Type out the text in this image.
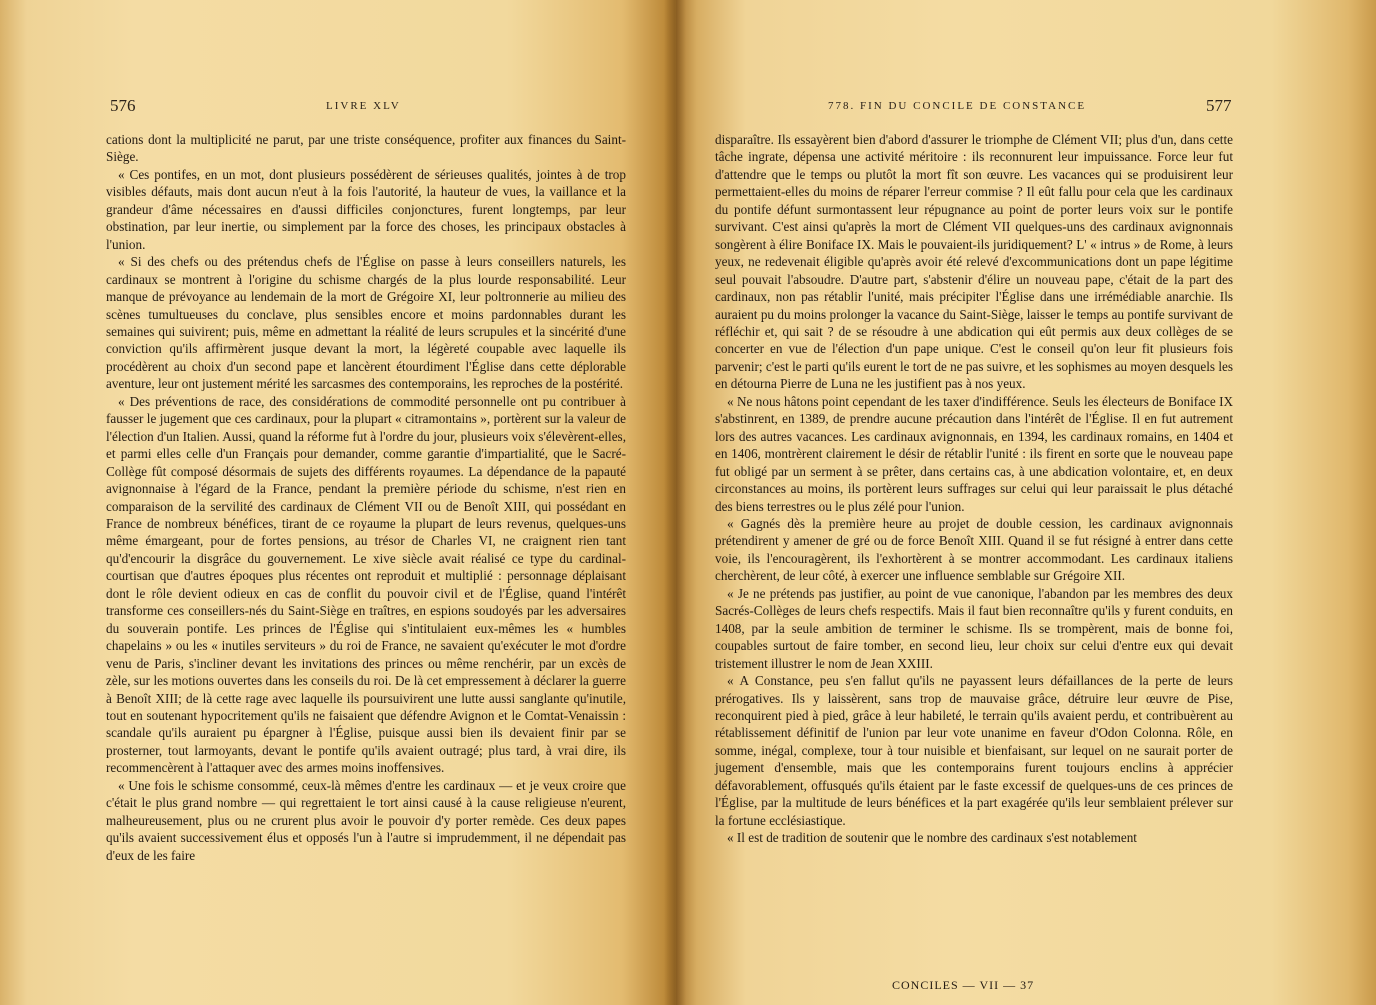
576	LIVRE XLV

cations dont la multiplicité ne parut, par une triste conséquence, profiter aux finances du Saint-Siège.

« Ces pontifes, en un mot, dont plusieurs possédèrent de sérieuses qualités, jointes à de trop visibles défauts, mais dont aucun n'eut à la fois l'autorité, la hauteur de vues, la vaillance et la grandeur d'âme nécessaires en d'aussi difficiles conjonctures, furent longtemps, par leur obstination, par leur inertie, ou simplement par la force des choses, les principaux obstacles à l'union.

« Si des chefs ou des prétendus chefs de l'Église on passe à leurs conseillers naturels, les cardinaux se montrent à l'origine du schisme chargés de la plus lourde responsabilité. Leur manque de prévoyance au lendemain de la mort de Grégoire XI, leur poltronnerie au milieu des scènes tumultueuses du conclave, plus sensibles encore et moins pardonnables durant les semaines qui suivirent; puis, même en admettant la réalité de leurs scrupules et la sincérité d'une conviction qu'ils affirmèrent jusque devant la mort, la légèreté coupable avec laquelle ils procédèrent au choix d'un second pape et lancèrent étourdiment l'Église dans cette déplorable aventure, leur ont justement mérité les sarcasmes des contemporains, les reproches de la postérité.

« Des préventions de race, des considérations de commodité personnelle ont pu contribuer à fausser le jugement que ces cardinaux, pour la plupart « citramontains », portèrent sur la valeur de l'élection d'un Italien. Aussi, quand la réforme fut à l'ordre du jour, plusieurs voix s'élevèrent-elles, et parmi elles celle d'un Français pour demander, comme garantie d'impartialité, que le Sacré-Collège fût composé désormais de sujets des différents royaumes. La dépendance de la papauté avignonnaise à l'égard de la France, pendant la première période du schisme, n'est rien en comparaison de la servilité des cardinaux de Clément VII ou de Benoît XIII, qui possédant en France de nombreux bénéfices, tirant de ce royaume la plupart de leurs revenus, quelques-uns même émargeant, pour de fortes pensions, au trésor de Charles VI, ne craignent rien tant qu'd'encourir la disgrâce du gouvernement. Le xive siècle avait réalisé ce type du cardinal-courtisan que d'autres époques plus récentes ont reproduit et multiplié : personnage déplaisant dont le rôle devient odieux en cas de conflit du pouvoir civil et de l'Église, quand l'intérêt transforme ces conseillers-nés du Saint-Siège en traîtres, en espions soudoyés par les adversaires du souverain pontife. Les princes de l'Église qui s'intitulaient eux-mêmes les « humbles chapelains » ou les « inutiles serviteurs » du roi de France, ne savaient qu'exécuter le mot d'ordre venu de Paris, s'incliner devant les invitations des princes ou même renchérir, par un excès de zèle, sur les motions ouvertes dans les conseils du roi. De là cet empressement à déclarer la guerre à Benoît XIII; de là cette rage avec laquelle ils poursuivirent une lutte aussi sanglante qu'inutile, tout en soutenant hypocritement qu'ils ne faisaient que défendre Avignon et le Comtat-Venaissin : scandale qu'ils auraient pu épargner à l'Église, puisque aussi bien ils devaient finir par se prosterner, tout larmoyants, devant le pontife qu'ils avaient outragé; plus tard, à vrai dire, ils recommencèrent à l'attaquer avec des armes moins inoffensives.

« Une fois le schisme consommé, ceux-là mêmes d'entre les cardinaux — et je veux croire que c'était le plus grand nombre — qui regrettaient le tort ainsi causé à la cause religieuse n'eurent, malheureusement, plus ou ne crurent plus avoir le pouvoir d'y porter remède. Ces deux papes qu'ils avaient successivement élus et opposés l'un à l'autre si imprudemment, il ne dépendait pas d'eux de les faire

778. FIN DU CONCILE DE CONSTANCE	577

disparaître. Ils essayèrent bien d'abord d'assurer le triomphe de Clément VII; plus d'un, dans cette tâche ingrate, dépensa une activité méritoire : ils reconnurent leur impuissance. Force leur fut d'attendre que le temps ou plutôt la mort fît son œuvre. Les vacances qui se produisirent leur permettaient-elles du moins de réparer l'erreur commise ? Il eût fallu pour cela que les cardinaux du pontife défunt surmontassent leur répugnance au point de porter leurs voix sur le pontife survivant. C'est ainsi qu'après la mort de Clément VII quelques-uns des cardinaux avignonnais songèrent à élire Boniface IX. Mais le pouvaient-ils juridiquement? L' « intrus » de Rome, à leurs yeux, ne redevenait éligible qu'après avoir été relevé d'excommunications dont un pape légitime seul pouvait l'absoudre. D'autre part, s'abstenir d'élire un nouveau pape, c'était de la part des cardinaux, non pas rétablir l'unité, mais précipiter l'Église dans une irrémédiable anarchie. Ils auraient pu du moins prolonger la vacance du Saint-Siège, laisser le temps au pontife survivant de réfléchir et, qui sait ? de se résoudre à une abdication qui eût permis aux deux collèges de se concerter en vue de l'élection d'un pape unique. C'est le conseil qu'on leur fit plusieurs fois parvenir; c'est le parti qu'ils eurent le tort de ne pas suivre, et les sophismes au moyen desquels les en détourna Pierre de Luna ne les justifient pas à nos yeux.

« Ne nous hâtons point cependant de les taxer d'indifférence. Seuls les électeurs de Boniface IX s'abstinrent, en 1389, de prendre aucune précaution dans l'intérêt de l'Église. Il en fut autrement lors des autres vacances. Les cardinaux avignonnais, en 1394, les cardinaux romains, en 1404 et en 1406, montrèrent clairement le désir de rétablir l'unité : ils firent en sorte que le nouveau pape fut obligé par un serment à se prêter, dans certains cas, à une abdication volontaire, et, en deux circonstances au moins, ils portèrent leurs suffrages sur celui qui leur paraissait le plus détaché des biens terrestres ou le plus zélé pour l'union.

« Gagnés dès la première heure au projet de double cession, les cardinaux avignonnais prétendirent y amener de gré ou de force Benoît XIII. Quand il se fut résigné à entrer dans cette voie, ils l'encouragèrent, ils l'exhortèrent à se montrer accommodant. Les cardinaux italiens cherchèrent, de leur côté, à exercer une influence semblable sur Grégoire XII.

« Je ne prétends pas justifier, au point de vue canonique, l'abandon par les membres des deux Sacrés-Collèges de leurs chefs respectifs. Mais il faut bien reconnaître qu'ils y furent conduits, en 1408, par la seule ambition de terminer le schisme. Ils se trompèrent, mais de bonne foi, coupables surtout de faire tomber, en second lieu, leur choix sur celui d'entre eux qui devait tristement illustrer le nom de Jean XXIII.

« A Constance, peu s'en fallut qu'ils ne payassent leurs défaillances de la perte de leurs prérogatives. Ils y laissèrent, sans trop de mauvaise grâce, détruire leur œuvre de Pise, reconquirent pied à pied, grâce à leur habileté, le terrain qu'ils avaient perdu, et contribuèrent au rétablissement définitif de l'union par leur vote unanime en faveur d'Odon Colonna. Rôle, en somme, inégal, complexe, tour à tour nuisible et bienfaisant, sur lequel on ne saurait porter de jugement d'ensemble, mais que les contemporains furent toujours enclins à apprécier défavorablement, offusqués qu'ils étaient par le faste excessif de quelques-uns de ces princes de l'Église, par la multitude de leurs bénéfices et la part exagérée qu'ils leur semblaient prélever sur la fortune ecclésiastique.

« Il est de tradition de soutenir que le nombre des cardinaux s'est notablement

CONCILES — VII — 37
